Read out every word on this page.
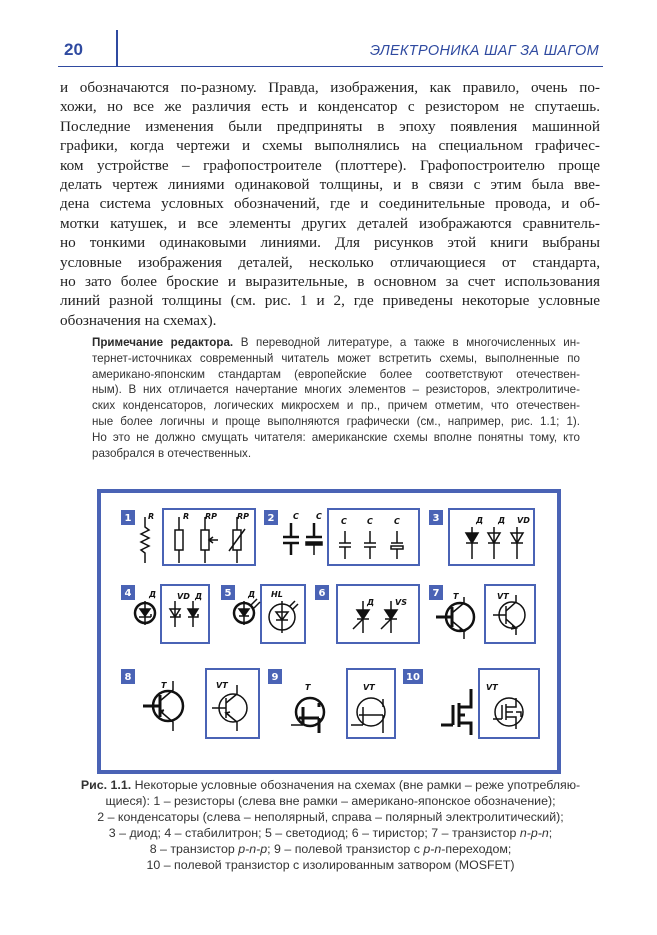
20	ЭЛЕКТРОНИКА ШАГ ЗА ШАГОМ
и обозначаются по-разному. Правда, изображения, как правило, очень по-
хожи, но все же различия есть и конденсатор с резистором не спутаешь.
Последние изменения были предприняты в эпоху появления машинной
графики, когда чертежи и схемы выполнялись на специальном графичес-
ком устройстве – графопостроителе (плоттере). Графопостроителю проще
делать чертеж линиями одинаковой толщины, и в связи с этим была вве-
дена система условных обозначений, где и соединительные провода, и об-
мотки катушек, и все элементы других деталей изображаются сравнитель-
но тонкими одинаковыми линиями. Для рисунков этой книги выбраны
условные изображения деталей, несколько отличающиеся от стандарта,
но зато более броские и выразительные, в основном за счет использования
линий разной толщины (см. рис. 1 и 2, где приведены некоторые условные
обозначения на схемах).
Примечание редактора. В переводной литературе, а также в многочисленных ин-
тернет-источниках современный читатель может встретить схемы, выполненные по
американо-японским стандартам (европейские более соответствуют отечествен-
ным). В них отличается начертание многих элементов – резисторов, электролитиче-
ских конденсаторов, логических микросхем и пр., причем отметим, что отечествен-
ные более логичны и проще выполняются графически (см., например, рис. 1.1; 1).
Но это не должно смущать читателя: американские схемы вполне понятны тому, кто
разобрался в отечественных.
1	2	3
4	5	6	7
8	9	10
R	R RP RP	C C
C	C	C	Д Д VD
Д	VD Д	Д HL
Д	VS
T	VT
T	VT	T	VT	VT
Рис. 1.1. Некоторые условные обозначения на схемах (вне рамки – реже употребляю-
щиеся): 1 – резисторы (слева вне рамки – американо-японское обозначение);
2 – конденсаторы (слева – неполярный, справа – полярный электролитический);
3 – диод; 4 – стабилитрон; 5 – светодиод; 6 – тиристор; 7 – транзистор n-p-n;
8 – транзистор p-n-p; 9 – полевой транзистор с p-n-переходом;
10 – полевой транзистор с изолированным затвором (MOSFET)
